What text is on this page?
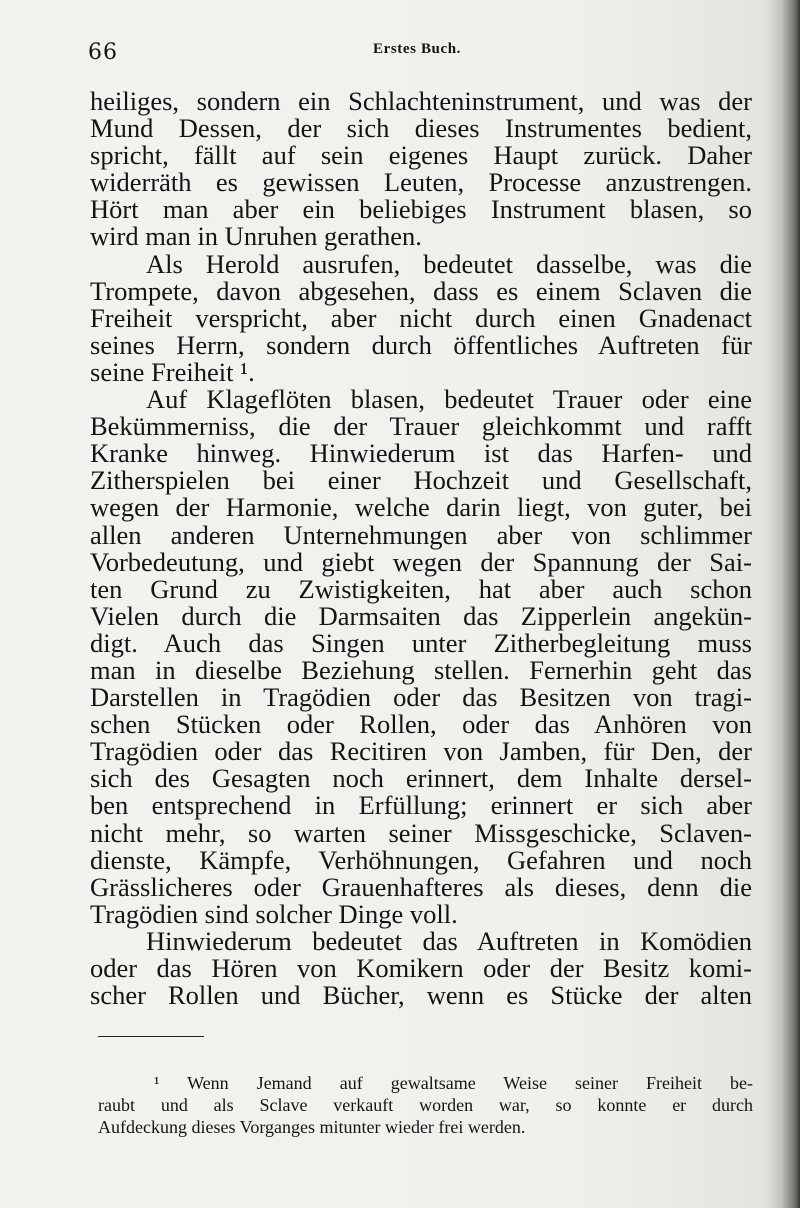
66	Erstes Buch.
heiliges, sondern ein Schlachteninstrument, und was der
Mund Dessen, der sich dieses Instrumentes bedient,
spricht, fällt auf sein eigenes Haupt zurück. Daher
widerräth es gewissen Leuten, Processe anzustrengen.
Hört man aber ein beliebiges Instrument blasen, so
wird man in Unruhen gerathen.
Als Herold ausrufen, bedeutet dasselbe, was die
Trompete, davon abgesehen, dass es einem Sclaven die
Freiheit verspricht, aber nicht durch einen Gnadenact
seines Herrn, sondern durch öffentliches Auftreten für
seine Freiheit ¹.
Auf Klageflöten blasen, bedeutet Trauer oder eine
Bekümmerniss, die der Trauer gleichkommt und rafft
Kranke hinweg. Hinwiederum ist das Harfen- und
Zitherspielen bei einer Hochzeit und Gesellschaft,
wegen der Harmonie, welche darin liegt, von guter, bei
allen anderen Unternehmungen aber von schlimmer
Vorbedeutung, und giebt wegen der Spannung der Sai-
ten Grund zu Zwistigkeiten, hat aber auch schon
Vielen durch die Darmsaiten das Zipperlein angekün-
digt. Auch das Singen unter Zitherbegleitung muss
man in dieselbe Beziehung stellen. Fernerhin geht das
Darstellen in Tragödien oder das Besitzen von tragi-
schen Stücken oder Rollen, oder das Anhören von
Tragödien oder das Recitiren von Jamben, für Den, der
sich des Gesagten noch erinnert, dem Inhalte dersel-
ben entsprechend in Erfüllung; erinnert er sich aber
nicht mehr, so warten seiner Missgeschicke, Sclaven-
dienste, Kämpfe, Verhöhnungen, Gefahren und noch
Grässlicheres oder Grauenhafteres als dieses, denn die
Tragödien sind solcher Dinge voll.
Hinwiederum bedeutet das Auftreten in Komödien
oder das Hören von Komikern oder der Besitz komi-
scher Rollen und Bücher, wenn es Stücke der alten
¹ Wenn Jemand auf gewaltsame Weise seiner Freiheit be-
raubt und als Sclave verkauft worden war, so konnte er durch
Aufdeckung dieses Vorganges mitunter wieder frei werden.
